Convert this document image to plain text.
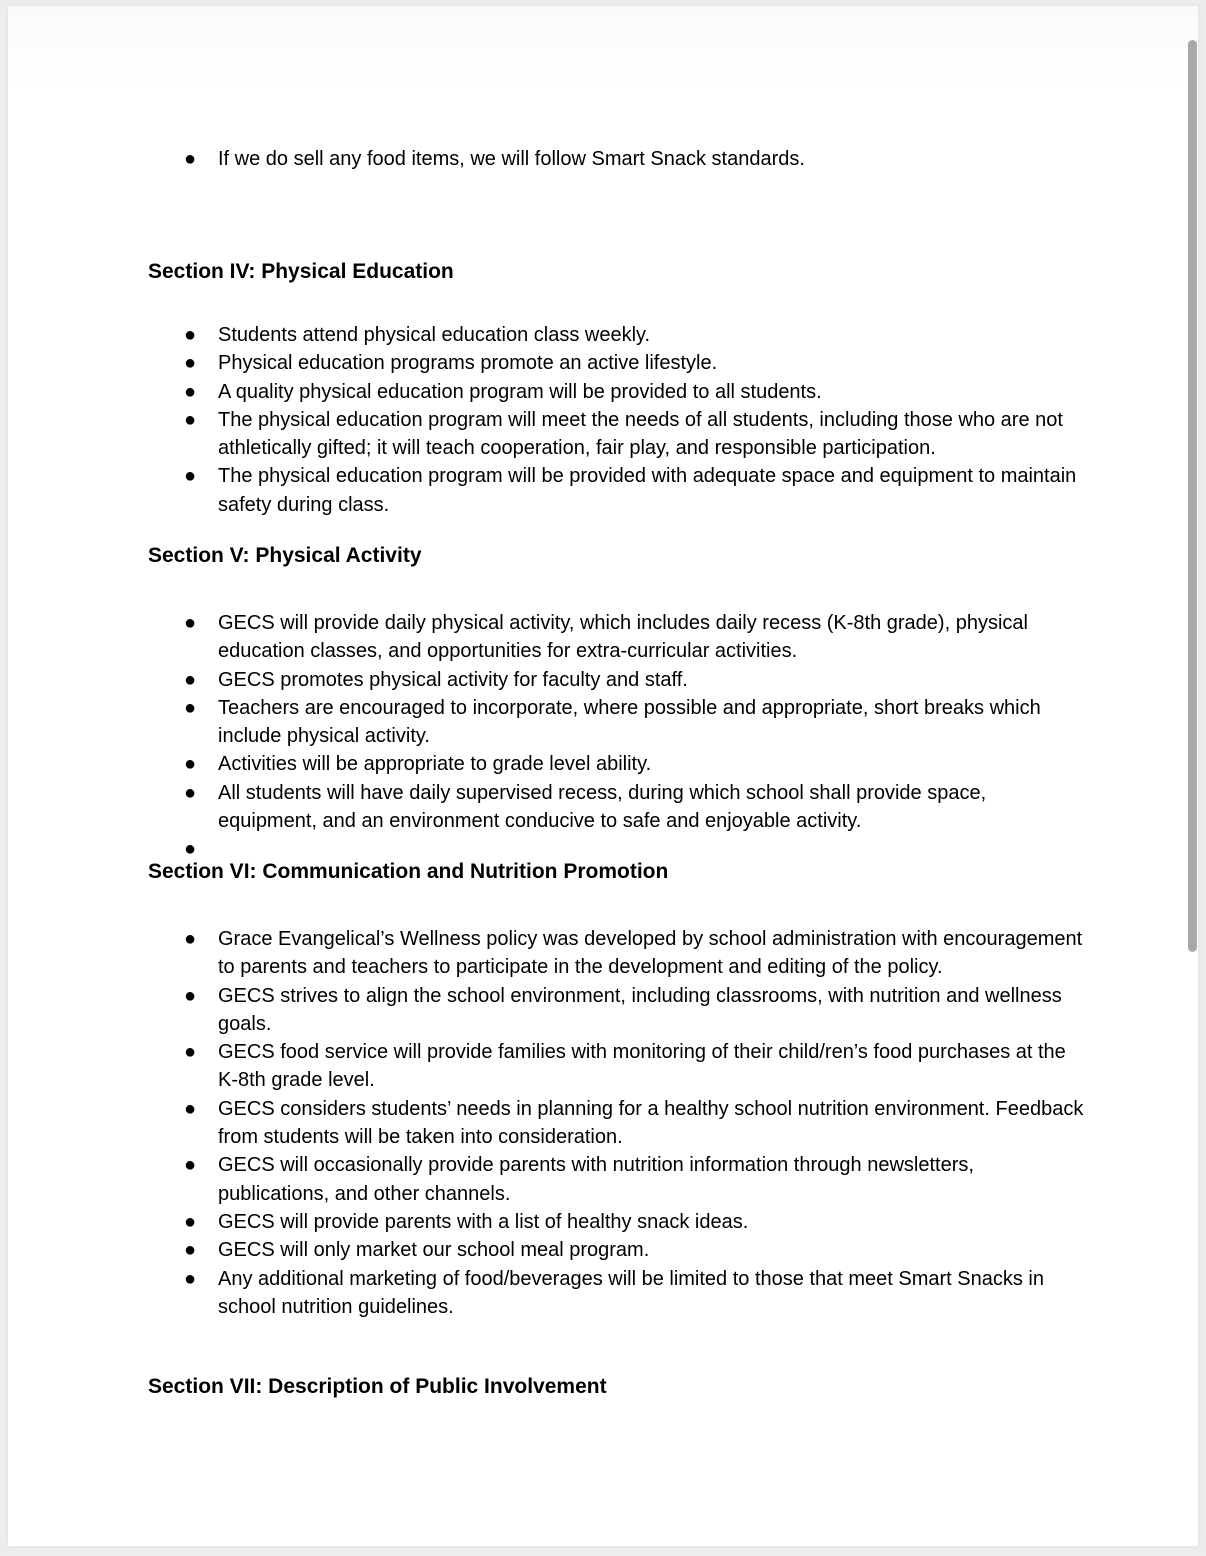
● If we do sell any food items, we will follow Smart Snack standards.
Section IV: Physical Education
● Students attend physical education class weekly.
● Physical education programs promote an active lifestyle.
● A quality physical education program will be provided to all students.
● The physical education program will meet the needs of all students, including those who are not athletically gifted; it will teach cooperation, fair play, and responsible participation.
● The physical education program will be provided with adequate space and equipment to maintain safety during class.
Section V: Physical Activity
● GECS will provide daily physical activity, which includes daily recess (K-8th grade), physical education classes, and opportunities for extra-curricular activities.
● GECS promotes physical activity for faculty and staff.
● Teachers are encouraged to incorporate, where possible and appropriate, short breaks which include physical activity.
● Activities will be appropriate to grade level ability.
● All students will have daily supervised recess, during which school shall provide space, equipment, and an environment conducive to safe and enjoyable activity.
●
Section VI: Communication and Nutrition Promotion
● Grace Evangelical’s Wellness policy was developed by school administration with encouragement to parents and teachers to participate in the development and editing of the policy.
● GECS strives to align the school environment, including classrooms, with nutrition and wellness goals.
● GECS food service will provide families with monitoring of their child/ren’s food purchases at the K-8th grade level.
● GECS considers students’ needs in planning for a healthy school nutrition environment. Feedback from students will be taken into consideration.
● GECS will occasionally provide parents with nutrition information through newsletters, publications, and other channels.
● GECS will provide parents with a list of healthy snack ideas.
● GECS will only market our school meal program.
● Any additional marketing of food/beverages will be limited to those that meet Smart Snacks in school nutrition guidelines.
Section VII: Description of Public Involvement
